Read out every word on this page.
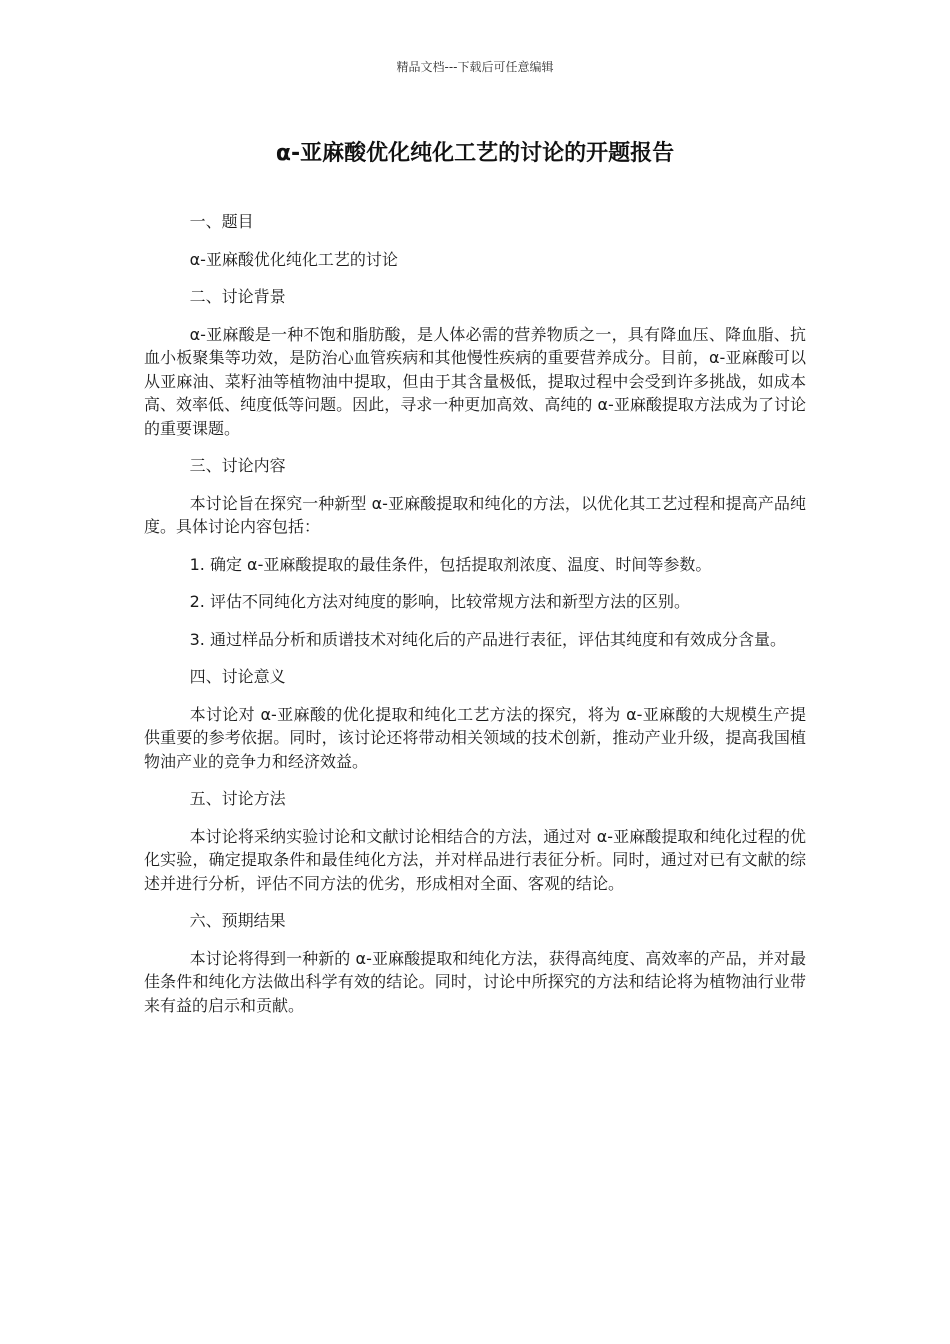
精品文档---下载后可任意编辑
α-亚麻酸优化纯化工艺的讨论的开题报告

一、题目

α-亚麻酸优化纯化工艺的讨论

二、讨论背景

α-亚麻酸是一种不饱和脂肪酸，是人体必需的营养物质之一，具有降血压、降血脂、抗血小板聚集等功效，是防治心血管疾病和其他慢性疾病的重要营养成分。目前，α-亚麻酸可以从亚麻油、菜籽油等植物油中提取，但由于其含量极低，提取过程中会受到许多挑战，如成本高、效率低、纯度低等问题。因此，寻求一种更加高效、高纯的 α-亚麻酸提取方法成为了讨论的重要课题。

三、讨论内容

本讨论旨在探究一种新型 α-亚麻酸提取和纯化的方法，以优化其工艺过程和提高产品纯度。具体讨论内容包括：

1. 确定 α-亚麻酸提取的最佳条件，包括提取剂浓度、温度、时间等参数。

2. 评估不同纯化方法对纯度的影响，比较常规方法和新型方法的区别。

3. 通过样品分析和质谱技术对纯化后的产品进行表征，评估其纯度和有效成分含量。

四、讨论意义

本讨论对 α-亚麻酸的优化提取和纯化工艺方法的探究，将为 α-亚麻酸的大规模生产提供重要的参考依据。同时，该讨论还将带动相关领域的技术创新，推动产业升级，提高我国植物油产业的竞争力和经济效益。

五、讨论方法

本讨论将采纳实验讨论和文献讨论相结合的方法，通过对 α-亚麻酸提取和纯化过程的优化实验，确定提取条件和最佳纯化方法，并对样品进行表征分析。同时，通过对已有文献的综述并进行分析，评估不同方法的优劣，形成相对全面、客观的结论。

六、预期结果

本讨论将得到一种新的 α-亚麻酸提取和纯化方法，获得高纯度、高效率的产品，并对最佳条件和纯化方法做出科学有效的结论。同时，讨论中所探究的方法和结论将为植物油行业带来有益的启示和贡献。
